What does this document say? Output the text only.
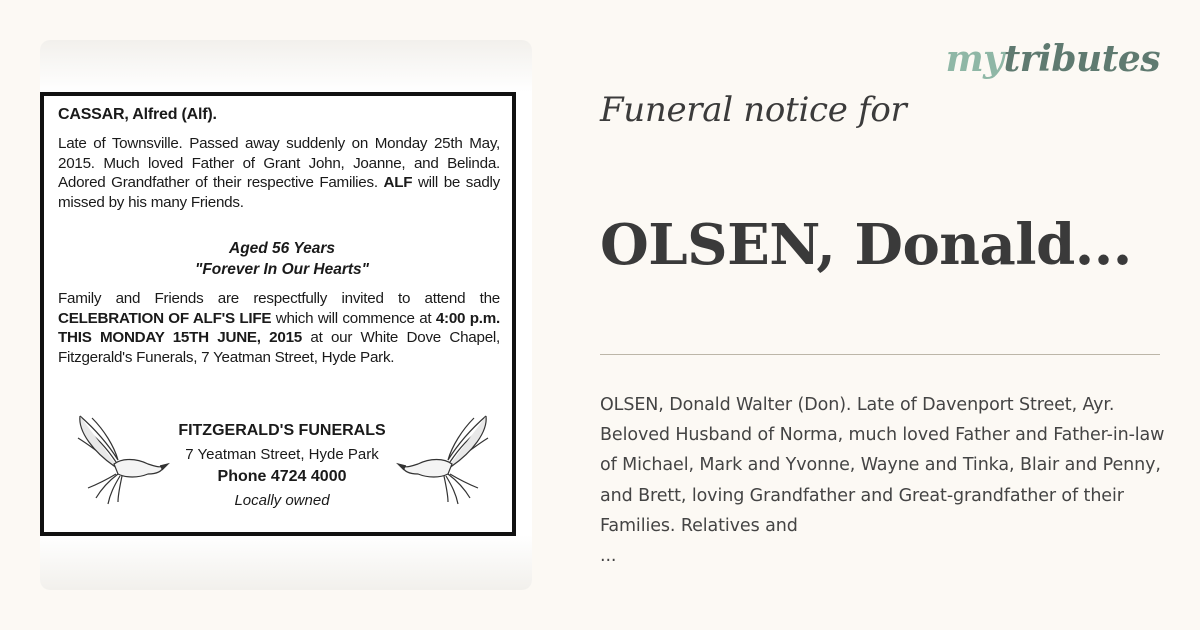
CASSAR, Alfred (Alf).
Late of Townsville. Passed away suddenly on Monday 25th May, 2015. Much loved Father of Grant John, Joanne, and Belinda. Adored Grandfather of their respective Families. ALF will be sadly missed by his many Friends.
Aged 56 Years
"Forever In Our Hearts"
Family and Friends are respectfully invited to attend the CELEBRATION OF ALF'S LIFE which will commence at 4:00 p.m. THIS MONDAY 15TH JUNE, 2015 at our White Dove Chapel, Fitzgerald's Funerals, 7 Yeatman Street, Hyde Park.
FITZGERALD'S FUNERALS
7 Yeatman Street, Hyde Park
Phone 4724 4000
Locally owned
mytributes
Funeral notice for
OLSEN, Donald...
OLSEN, Donald Walter (Don). Late of Davenport Street, Ayr. Beloved Husband of Norma, much loved Father and Father-in-law of Michael, Mark and Yvonne, Wayne and Tinka, Blair and Penny, and Brett, loving Grandfather and Great-grandfather of their Families. Relatives and
...
